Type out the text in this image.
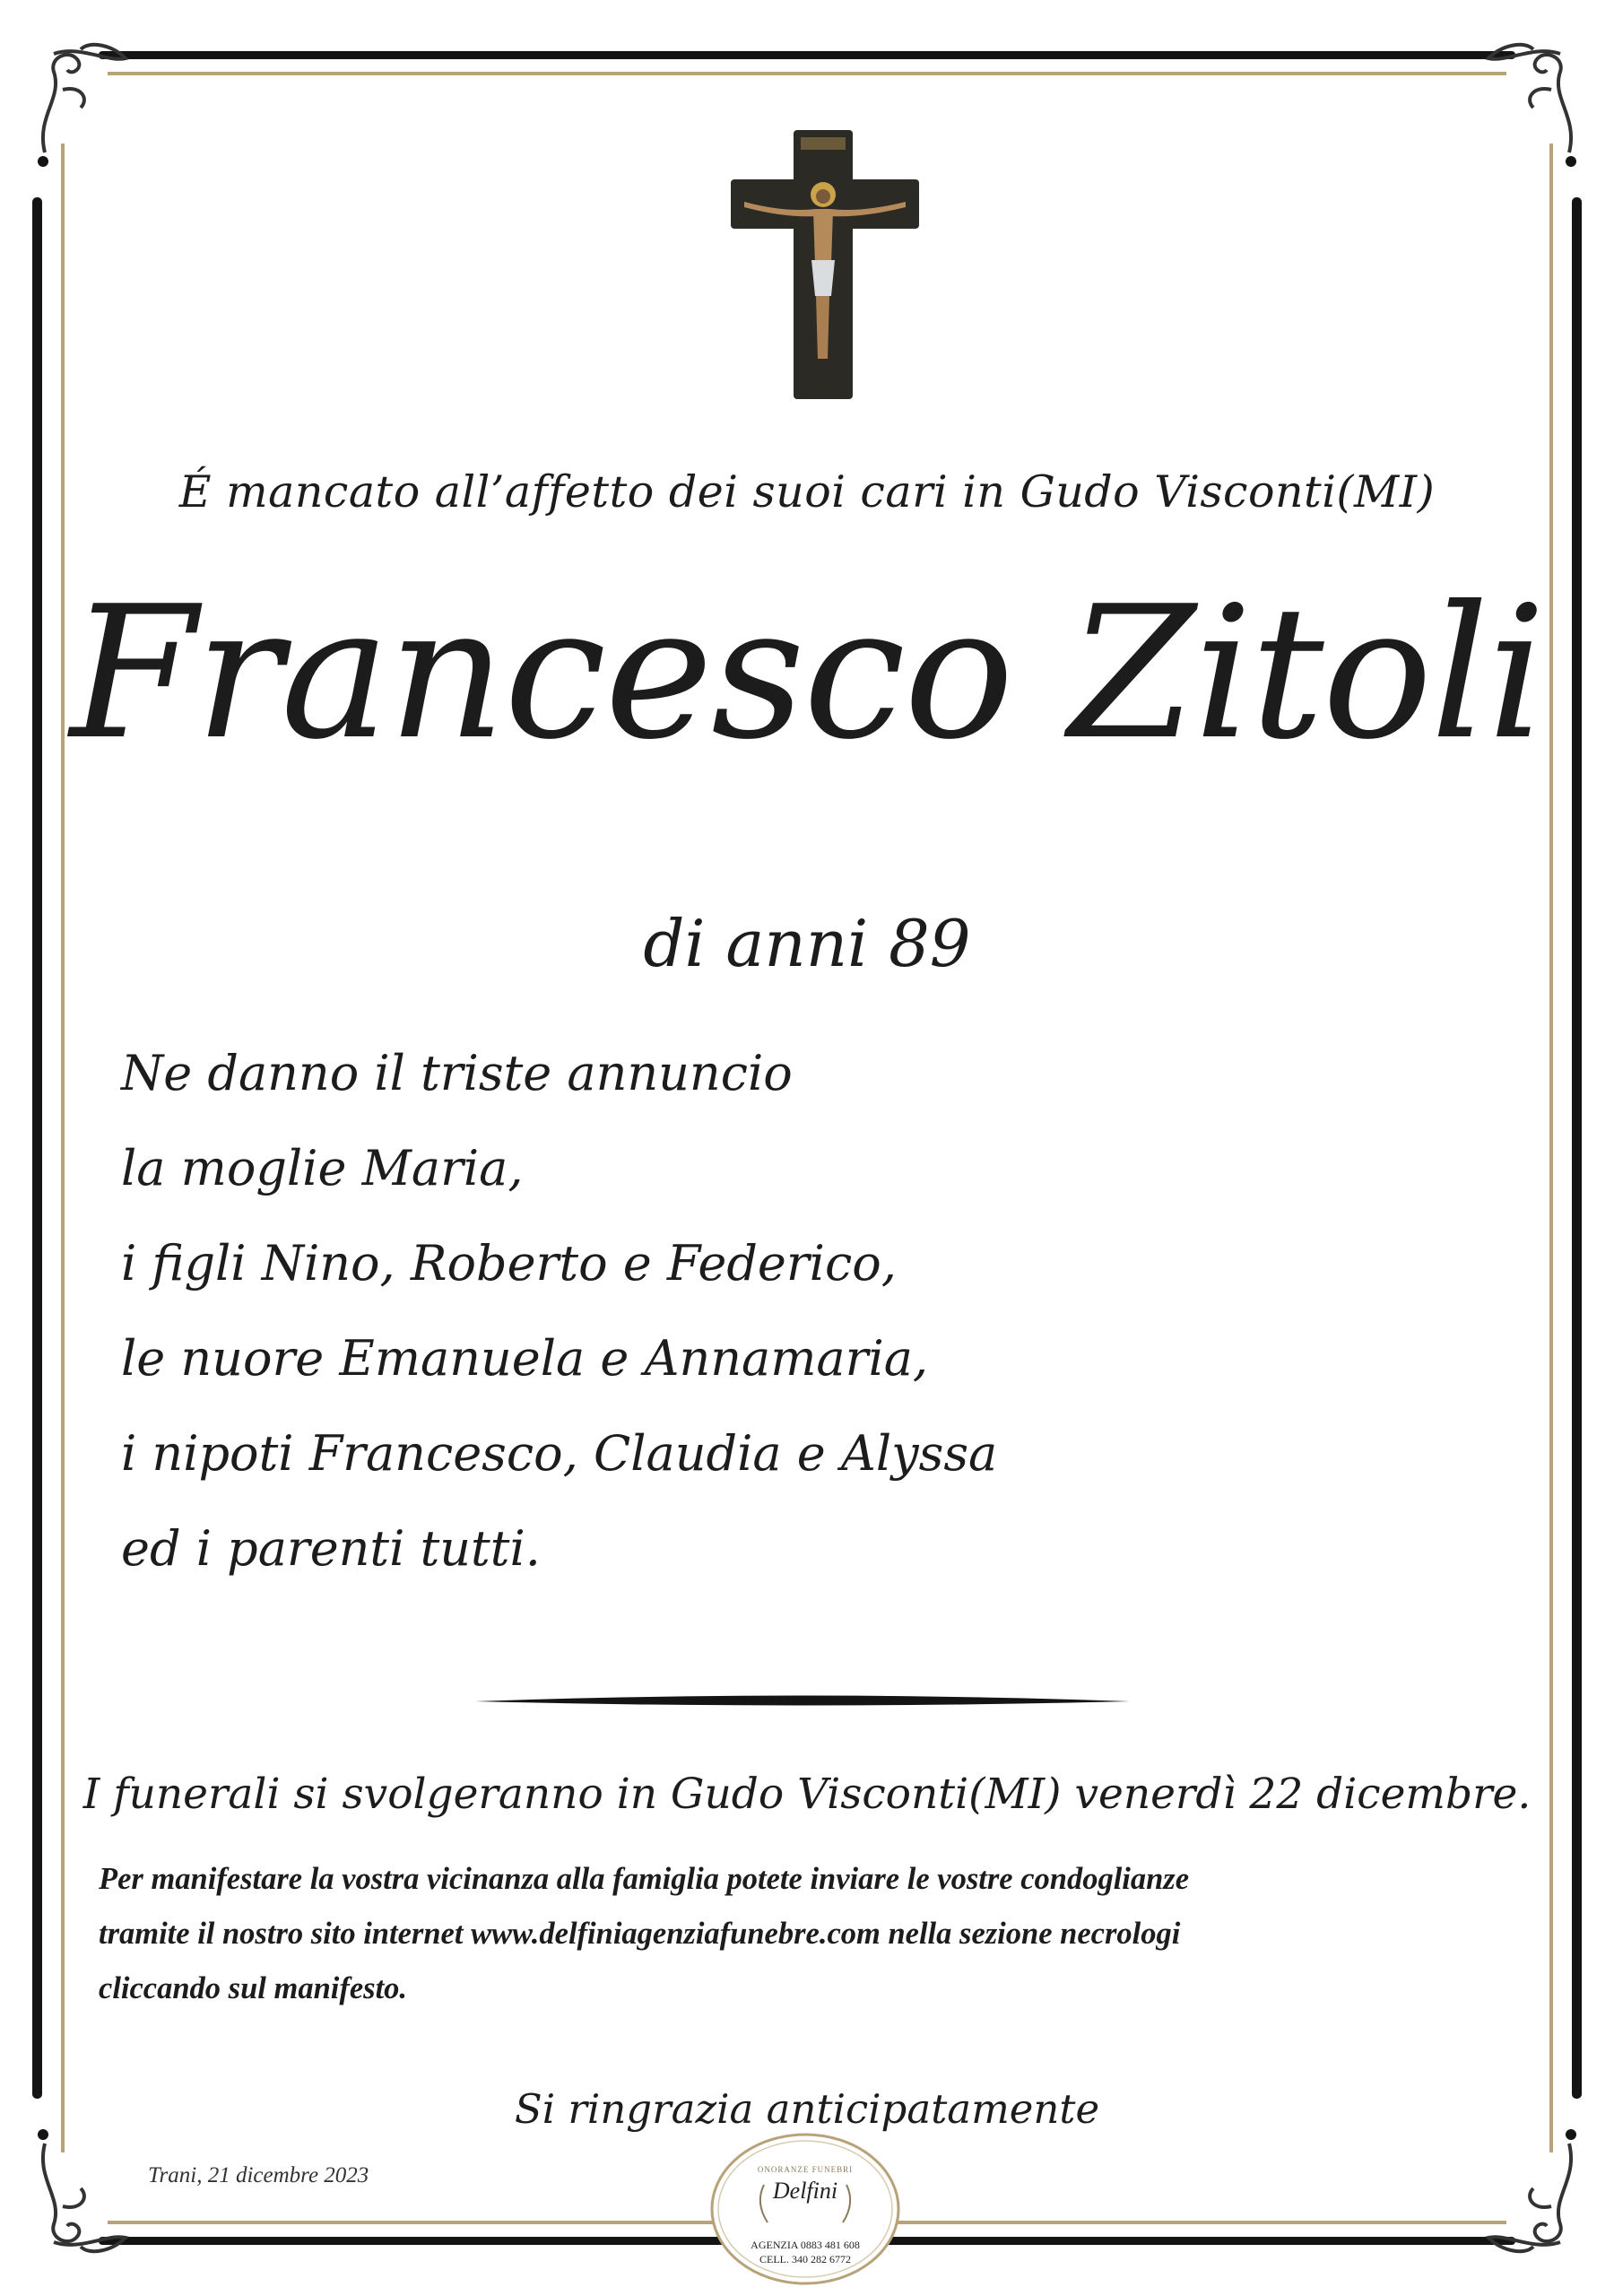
É mancato all’affetto dei suoi cari in Gudo Visconti(MI)
Francesco Zitoli
di anni 89
Ne danno il triste annuncio
la moglie Maria,
i figli Nino, Roberto e Federico,
le nuore Emanuela e Annamaria,
i nipoti Francesco, Claudia e Alyssa
ed i parenti tutti.
I funerali si svolgeranno in Gudo Visconti(MI) venerdì 22 dicembre.
Per manifestare la vostra vicinanza alla famiglia potete inviare le vostre condoglianze
tramite il nostro sito internet www.delfiniagenziafunebre.com nella sezione necrologi
cliccando sul manifesto.
Si ringrazia anticipatamente
Trani, 21 dicembre 2023	ONORANZE FUNEBRI
Delfini
AGENZIA 0883 481 608
CELL. 340 282 6772
